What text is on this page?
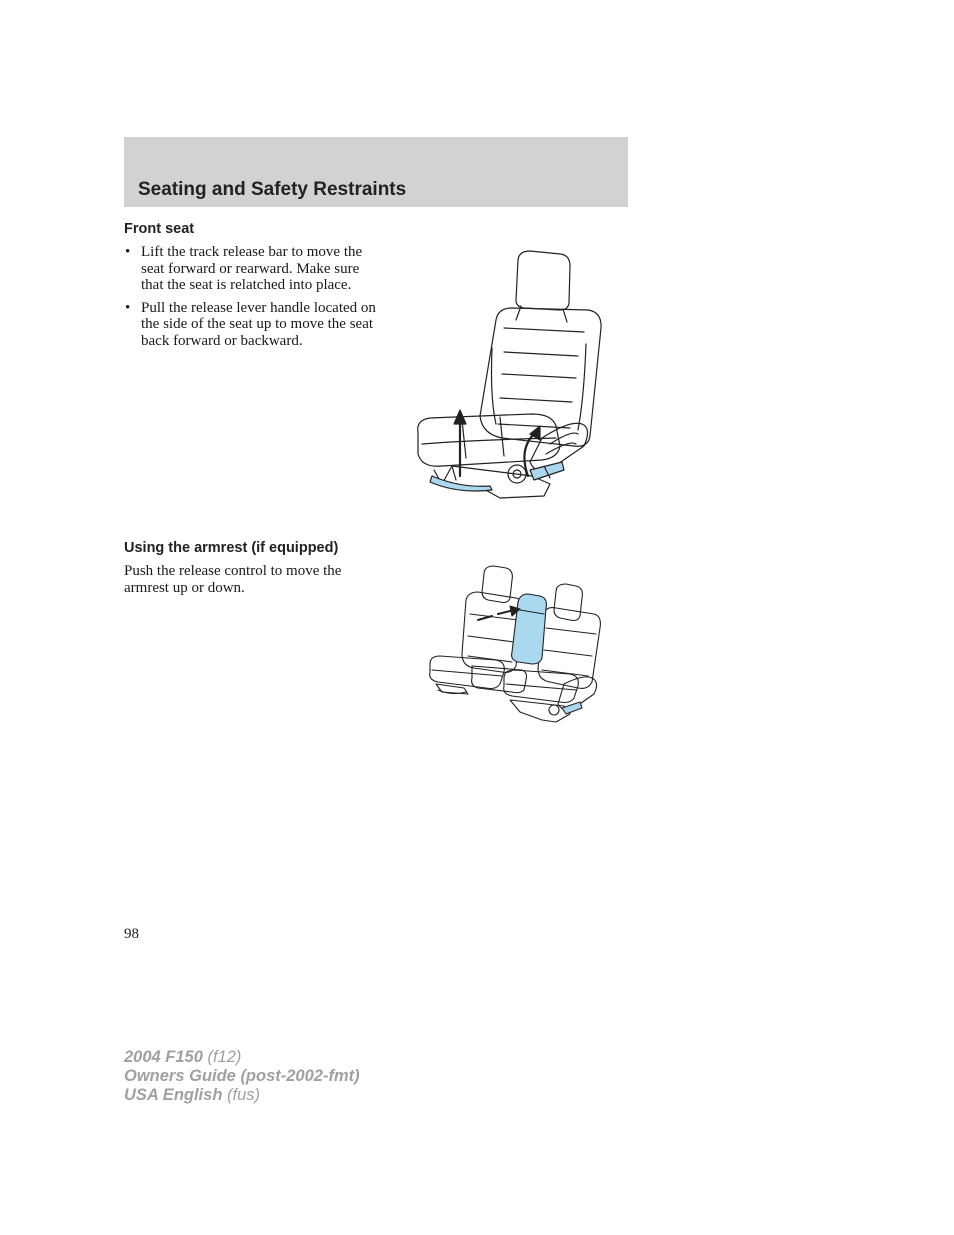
Seating and Safety Restraints
Front seat
• Lift the track release bar to move the seat forward or rearward. Make sure that the seat is relatched into place.
• Pull the release lever handle located on the side of the seat up to move the seat back forward or backward.
Using the armrest (if equipped)

Push the release control to move the armrest up or down.

98
2004 F150 (f12)
Owners Guide (post-2002-fmt)
USA English (fus)
